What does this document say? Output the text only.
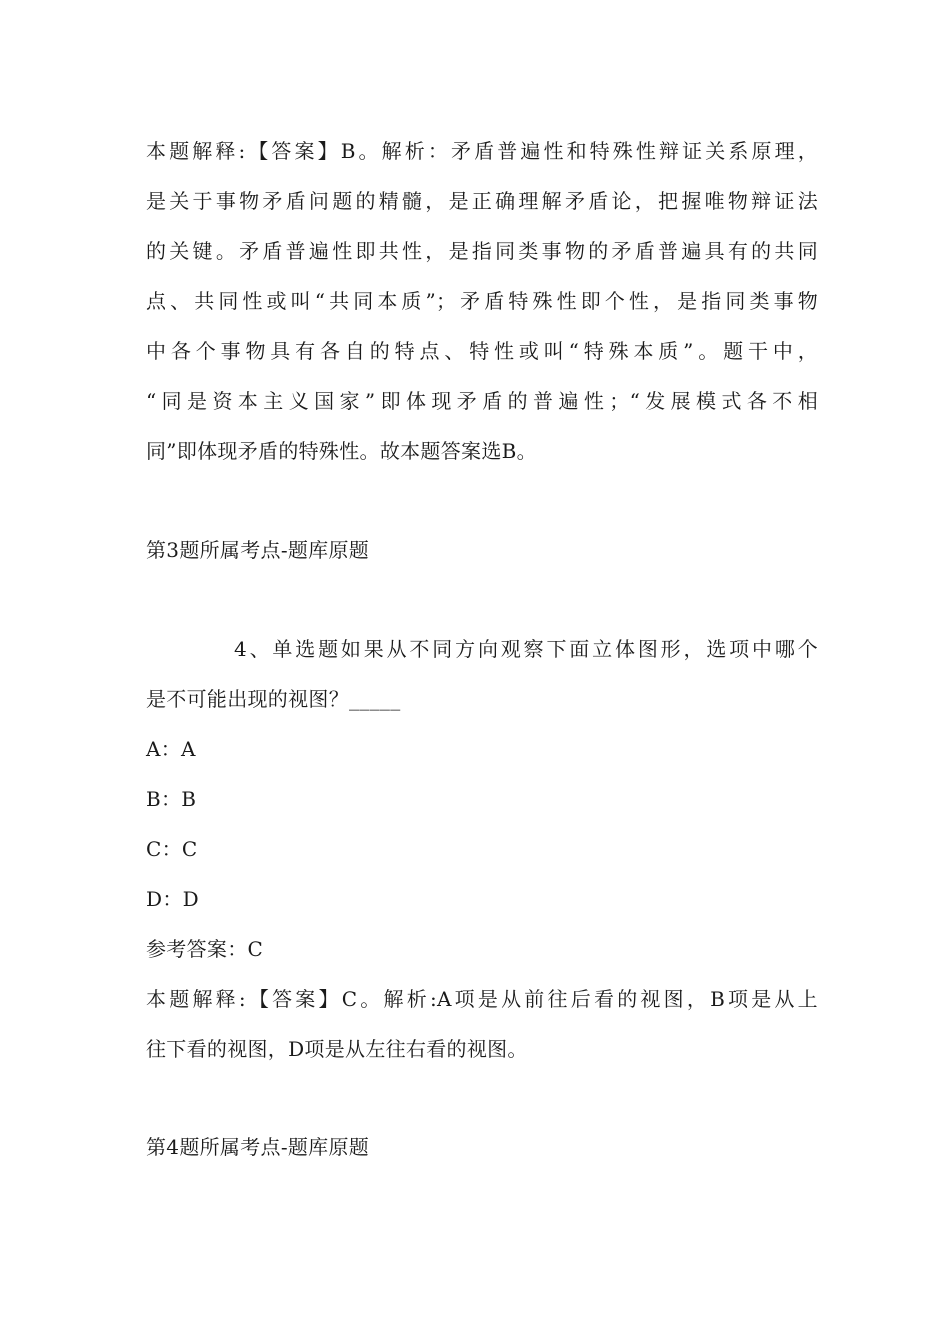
本题解释:【答案】B。解析：矛盾普遍性和特殊性辩证关系原理，
是关于事物矛盾问题的精髓，是正确理解矛盾论，把握唯物辩证法
的关键。矛盾普遍性即共性，是指同类事物的矛盾普遍具有的共同
点、共同性或叫“共同本质”；矛盾特殊性即个性，是指同类事物
中各个事物具有各自的特点、特性或叫“特殊本质”。题干中，
“同是资本主义国家”即体现矛盾的普遍性；“发展模式各不相
同”即体现矛盾的特殊性。故本题答案选B。
第3题所属考点-题库原题
4、单选题如果从不同方向观察下面立体图形，选项中哪个
是不可能出现的视图？_____
A：A
B：B
C：C
D：D
参考答案：C
本题解释:【答案】C。解析:A项是从前往后看的视图，B项是从上
往下看的视图，D项是从左往右看的视图。
第4题所属考点-题库原题
